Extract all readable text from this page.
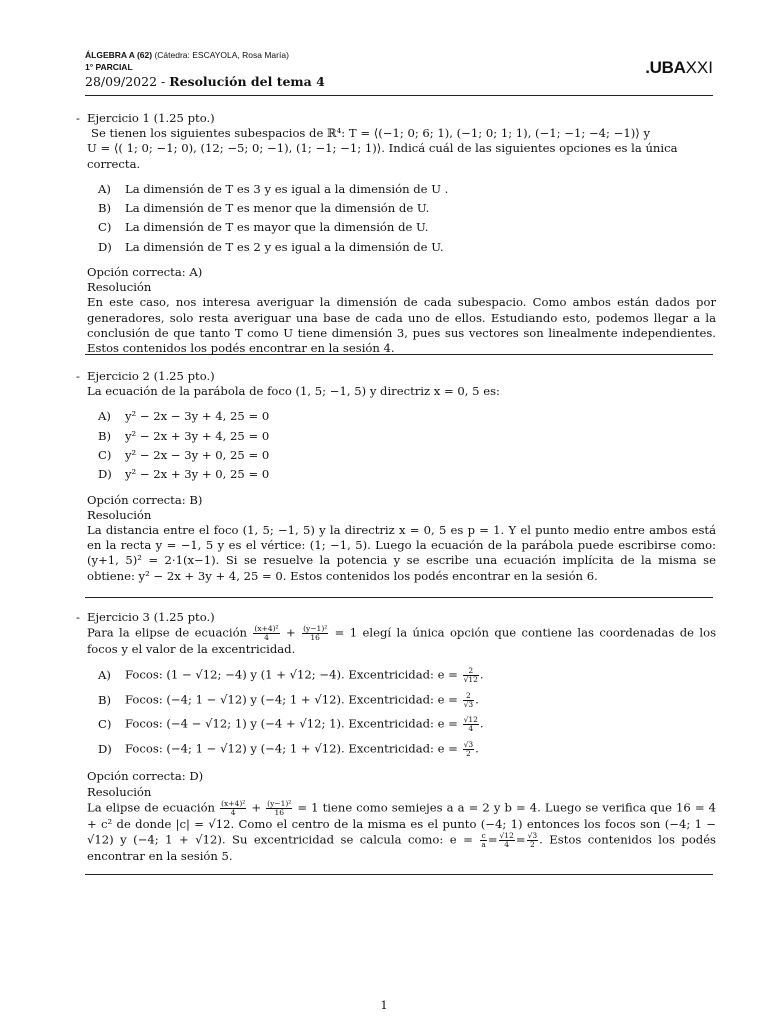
ÁLGEBRA A (62) (Cátedra: ESCAYOLA, Rosa María)
1° PARCIAL
28/09/2022 - Resolución del tema 4
.UBAXXI
- Ejercicio 1 (1.25 pto.)
Se tienen los siguientes subespacios de ℝ⁴: T = ⟨(−1; 0; 6; 1), (−1; 0; 1; 1), (−1; −1; −4; −1)⟩ y
U = ⟨( 1; 0; −1; 0), (12; −5; 0; −1), (1; −1; −1; 1)⟩. Indicá cuál de las siguientes opciones es la única correcta.
A)	La dimensión de T es 3 y es igual a la dimensión de U .
B)	La dimensión de T es menor que la dimensión de U.
C)	La dimensión de T es mayor que la dimensión de U.
D)	La dimensión de T es 2 y es igual a la dimensión de U.
Opción correcta: A)
Resolución
En este caso, nos interesa averiguar la dimensión de cada subespacio. Como ambos están dados por generadores, solo resta averiguar una base de cada uno de ellos. Estudiando esto, podemos llegar a la conclusión de que tanto T como U tiene dimensión 3, pues sus vectores son linealmente independientes. Estos contenidos los podés encontrar en la sesión 4.
- Ejercicio 2 (1.25 pto.)
La ecuación de la parábola de foco (1, 5; −1, 5) y directriz x = 0, 5 es:
A)	y² − 2x − 3y + 4, 25 = 0
B)	y² − 2x + 3y + 4, 25 = 0
C)	y² − 2x − 3y + 0, 25 = 0
D)	y² − 2x + 3y + 0, 25 = 0
Opción correcta: B)
Resolución
La distancia entre el foco (1, 5; −1, 5) y la directriz x = 0, 5 es p = 1. Y el punto medio entre ambos está en la recta y = −1, 5 y es el vértice: (1; −1, 5). Luego la ecuación de la parábola puede escribirse como: (y+1, 5)² = 2·1(x−1). Si se resuelve la potencia y se escribe una ecuación implícita de la misma se obtiene: y² − 2x + 3y + 4, 25 = 0. Estos contenidos los podés encontrar en la sesión 6.
- Ejercicio 3 (1.25 pto.)
Para la elipse de ecuación $\frac{\text{(x+4)²}}{4} + \frac{\text{(y−1)²}}{16} = 1$ elegí la única opción que contiene las coordenadas de los focos y el valor de la excentricidad.
A)	Focos: (1 − √12; −4) y (1 + √12; −4). Excentricidad: $e = \frac{2}{√12}$ .
B)	Focos: (−4; 1 − √12) y (−4; 1 + √12). Excentricidad: $e = \frac{2}{√3}$ .
C)	Focos: (−4 − √12; 1) y (−4 + √12; 1). Excentricidad: $e = \frac{√12}{4}$ .
D)	Focos: (−4; 1 − √12) y (−4; 1 + √12). Excentricidad: $e = \frac{√3}{2}$ .
Opción correcta: D)
Resolución
La elipse de ecuación $\frac{\text{(x+4)²}}{4} + \frac{\text{(y−1)²}}{16} = 1$ tiene como semiejes a a = 2 y b = 4. Luego se verifica que 16 = 4 + c² de donde |c| = √12. Como el centro de la misma es el punto (−4; 1) entonces los focos son (−4; 1 − √12) y (−4; 1 + √12). Su excentricidad se calcula como: $e = \frac{c}{a} = \frac{√12}{4} = \frac{√3}{2}$ . Estos contenidos los podés encontrar en la sesión 5.
1
